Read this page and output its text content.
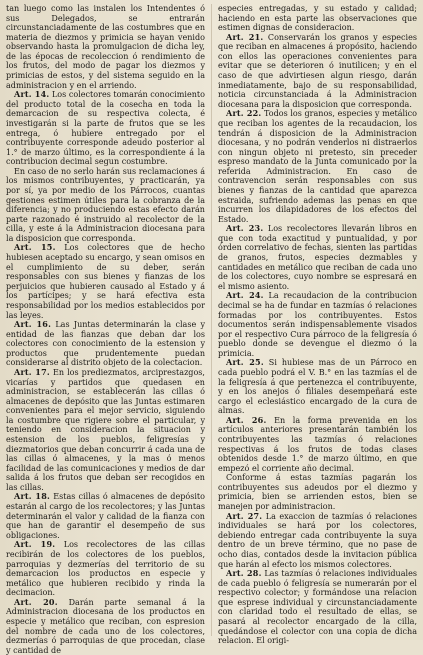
tan luego como las instalen los Intendentes ó sus Delegados, se entrarán circunstanciadamente de las costumbres que en materia de diezmos y primicia se hayan venido observando hasta la promulgacion de dicha ley, de las épocas de recoleccion ó rendimiento de los frutos, del modo de pagar los diezmos y primicias de estos, y del sistema seguido en la administracion y en el arriendo.

Art. 14. Los colectores tomarán conocimiento del producto total de la cosecha en toda la demarcacion de su respectiva colecta, é investigarán si la parte de frutos que se les entrega, ó hubiere entregado por el contribuyente corresponde adeudo posterior al 1.° de marzo último, es la correspondiente á la contribucion decimal segun costumbre.

En caso de no serlo harán sus reclamaciones á los mismos contribuyentes, y practicarán, ya por sí, ya por medio de los Párrocos, cuantas gestiones estimen útiles para la cobranza de la diferencia; y no produciendo estas efecto darán parte razonado é instruido al recolector de la cilla, y este á la Administracion diocesana para la disposicion que corresponda.

Art. 15. Los colectores que de hecho hubiesen aceptado su encargo, y sean omisos en el cumplimiento de su deber, serán responsables con sus bienes y fianzas de los perjuicios que hubieren causado al Estado y á los partícipes; y se hará efectiva esta responsabilidad por los medios establecidos por las leyes.

Art. 16. Las Juntas determinarán la clase y entidad de las fianzas que deban dar los colectores con conocimiento de la estension y productos que prudentemente puedan considerarse al distrito objeto de la colectacion.

Art. 17. En los prediezmatos, arciprestazgos, vicarías y partidos que quedasen en administracion, se establecerán las cillas ó almacenes de depósito que las Juntas estimaren convenientes para el mejor servicio, siguiendo la costumbre que rigiere sobre el particular, y teniendo en consideracion la situacion y estension de los pueblos, feligresías y diezmatorios que deban concurrir á cada una de las cillas ó almacenes, y la mas ó menos facilidad de las comunicaciones y medios de dar salida á los frutos que deban ser recogidos en las cillas.

Art. 18. Estas cillas ó almacenes de depósito estarán al cargo de los recolectores; y las Juntas determinarán el valor y calidad de la fianza con que han de garantir el desempeño de sus obligaciones.

Art. 19. Los recolectores de las cillas recibirán de los colectores de los pueblos, parroquias y dezmerías del territorio de su demarcacion los productos en especie y metálico que hubieren recibido y rinda la decimacion.

Art. 20. Darán parte semanal á la Administracion diocesana de los productos en especie y metálico que reciban, con espresion del nombre de cada uno de los colectores, dezmerías ó parroquias de que procedan, clase y cantidad de

especies entregadas, y su estado y calidad; haciendo en esta parte las observaciones que estimen dignas de consideracion.

Art. 21. Conservarán los granos y especies que reciban en almacenes á propósito, haciendo con ellos las operaciones convenientes para evitar que se deterioren ó inutilicen; y en el caso de que advirtiesen algun riesgo, darán inmediatamente, bajo de su responsabilidad, noticia circunstanciada á la Administracion diocesana para la disposicion que corresponda.

Art. 22. Todos los granos, especies y metálico que reciban los agentes de la recaudacion, los tendrán á disposicion de la Administracion diocesana, y no podrán venderlos ni distraerlos con ningun objeto ni pretesto, sin preceder espreso mandato de la Junta comunicado por la referida Administracion. En caso de contravencion serán responsables con sus bienes y fianzas de la cantidad que aparezca estraida, sufriendo ademas las penas en que incurren los dilapidadores de los efectos del Estado.

Art. 23. Los recolectores llevarán libros en que con toda exactitud y puntualidad, y por órden correlativo de fechas, sienten las partidas de granos, frutos, especies dezmables y cantidades en metálico que reciban de cada uno de los colectores, cuyo nombre se espresará en el mismo asiento.

Art. 24. La recaudacion de la contribucion decimal se ha de fundar en tazmías ó relaciones formadas por los contribuyentes. Estos documentos serán indispensablemente visados por el respectivo Cura párroco de la feligresía ó pueblo donde se devengue el diezmo ó la primicia.

Art. 25. Si hubiese mas de un Párroco en cada pueblo podrá el V. B.° en las tazmías el de la feligresía á que pertenezca el contribuyente, y en los anejos ó filiales desempeñará este cargo el eclesiástico encargado de la cura de almas.

Art. 26. En la forma prevenida en los artículos anteriores presentarán también los contribuyentes las tazmías ó relaciones respectivas á los frutos de todas clases obtenidos desde 1.° de marzo último, en que empezó el corriente año decimal.

Conforme á estas tazmías pagarán los contribuyentes sus adeudos por el diezmo y primicia, bien se arrienden estos, bien se manejen por administracion.

Art. 27. La exaccion de tazmías ó relaciones individuales se hará por los colectores, debiendo entregar cada contribuyente la suya dentro de un breve término, que no pase de ocho dias, contados desde la invitacion pública que harán al efecto los mismos colectores.

Art. 28. Las tazmías ó relaciones individuales de cada pueblo ó feligresía se numerarán por el respectivo colector; y formándose una relacion que esprese individual y circunstanciadamente con claridad todo el resultado de ellas, se pasará al recolector encargado de la cilla, quedándose el colector con una copia de dicha relacion. El origi-
